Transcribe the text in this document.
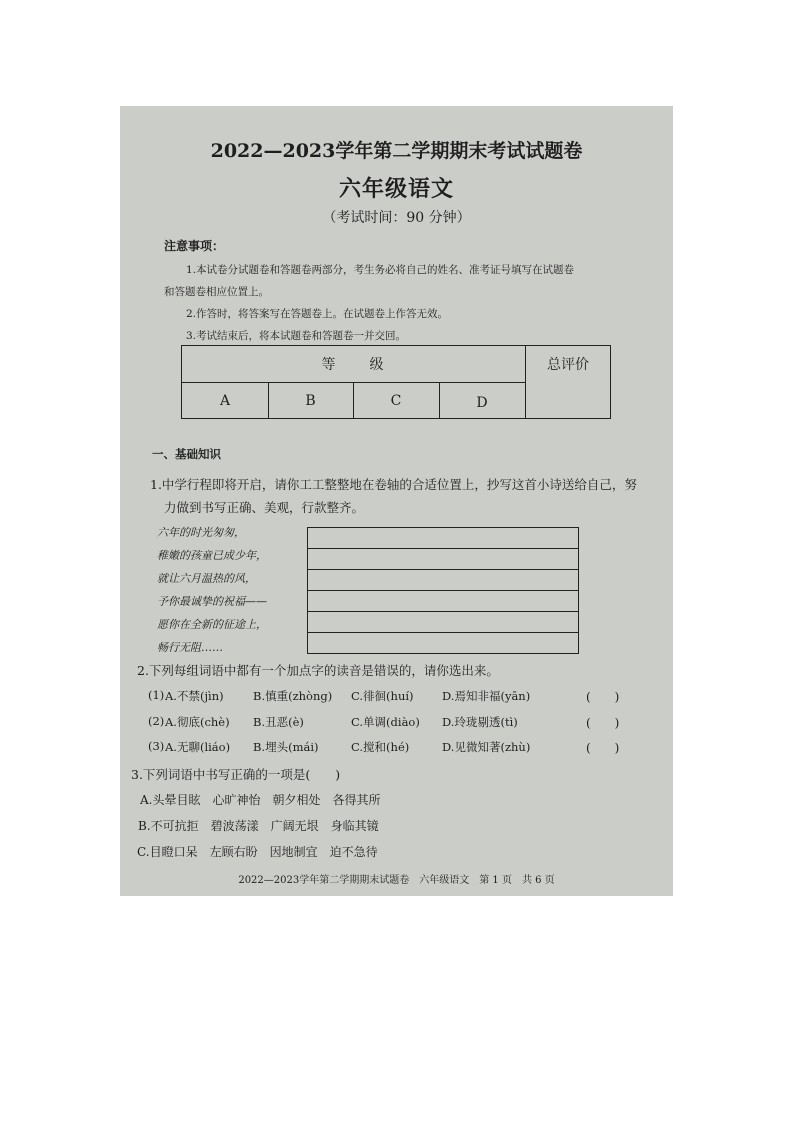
2022—2023学年第二学期期末考试试题卷
六年级语文
（考试时间：90 分钟）
注意事项：
1.本试卷分试题卷和答题卷两部分，考生务必将自己的姓名、准考证号填写在试题卷
和答题卷相应位置上。
2.作答时，将答案写在答题卷上。在试题卷上作答无效。
3.考试结束后，将本试题卷和答题卷一并交回。
等　　级	总评价
A	B	C	D
一、基础知识
1.中学行程即将开启，请你工工整整地在卷轴的合适位置上，抄写这首小诗送给自己，努
力做到书写正确、美观，行款整齐。
六年的时光匆匆，
稚嫩的孩童已成少年，
就让六月温热的风，
予你最诚挚的祝福——
愿你在全新的征途上，
畅行无阻……
2.下列每组词语中都有一个加点字的读音是错误的，请你选出来。
(1) A.不禁(jìn)	B.慎重(zhòng) C.徘徊(huí) D.焉知非福(yān)	(　　)
(2) A.彻底(chè) B.丑恶(è)	C.单调(diào) D.玲珑剔透(tì)	(　　)
(3) A.无聊(liáo) B.埋头(mái)	C.搅和(hé)	D.见微知著(zhù)	(　　)
3.下列词语中书写正确的一项是(　　)
A.头晕目眩　心旷神怡　朝夕相处　各得其所
B.不可抗拒　碧波荡漾　广阔无垠　身临其镜
C.目瞪口呆　左顾右盼　因地制宜　迫不急待
2022—2023学年第二学期期末试题卷　六年级语文　第 1 页　共 6 页
